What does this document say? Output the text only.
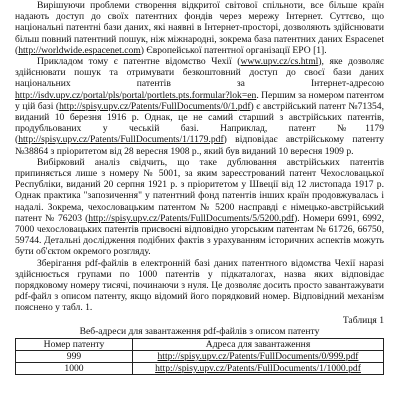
Вирішуючи проблеми створення відкритої світової спільноти, все більше країн надають доступ до своїх патентних фондів через мережу Інтернет. Суттєво, що національні патентні бази даних, які наявні в Інтернет-просторі, дозволяють здійснювати більш повний патентний пошук, ніж міжнародні, зокрема база патентних даних Espacenet (http://worldwide.espacenet.com) Європейської патентної організації ЕРО [1].

Прикладом тому є патентне відомство Чехії (www.upv.cz/cs.html), яке дозволяє здійснювати пошук та отримувати безкоштовний доступ до своєї бази даних національних патентів за Інтернет-адресою http://isdv.upv.cz/portal/pls/portal/portlets.pts.formular?lok=en. Першим за номером патентом у цій базі (http://spisy.upv.cz/Patents/FullDocuments/0/1.pdf) є австрійський патент №71354, виданий 10 березня 1916 р. Однак, це не самий старший з австрійських патентів, продубльованих у чеській базі. Наприклад, патент №1179 (http://spisy.upv.cz/Patents/FullDocuments/1/1179.pdf) відповідає австрійському патенту №38864 з пріоритетом від 28 вересня 1908 р., який був виданий 10 вересня 1909 р.

Вибірковий аналіз свідчить, що таке дублювання австрійських патентів припиняється лише з номеру № 5001, за яким зареєстрований патент Чехословацької Республіки, виданий 20 серпня 1921 р. з пріоритетом у Швеції від 12 листопада 1917 р. Однак практика "запозичення" у патентний фонд патентів інших країн продовжувалась і надалі. Зокрема, чехословацьким патентом № 5200 насправді є німецько-австрійський патент № 76203 (http://spisy.upv.cz/Patents/FullDocuments/5/5200.pdf). Номери 6991, 6992, 7000 чехословацьких патентів присвоєні відповідно угорським патентам № 61726, 66750, 59744. Детальні дослідження подібних фактів з урахуванням історичних аспектів можуть бути об'єктом окремого розгляду.

Зберігання pdf-файлів в електронній базі даних патентного відомства Чехії наразі здійснюється групами по 1000 патентів у підкаталогах, назва яких відповідає порядковому номеру тисячі, починаючи з нуля. Це дозволяє досить просто завантажувати pdf-файл з описом патенту, якщо відомий його порядковий номер. Відповідний механізм пояснено у табл. 1.

Таблиця 1

Веб-адреси для завантаження pdf-файлів з описом патенту

Номер патенту	Адреса для завантаження
999	http://spisy.upv.cz/Patents/FullDocuments/0/999.pdf
1000	http://spisy.upv.cz/Patents/FullDocuments/1/1000.pdf
